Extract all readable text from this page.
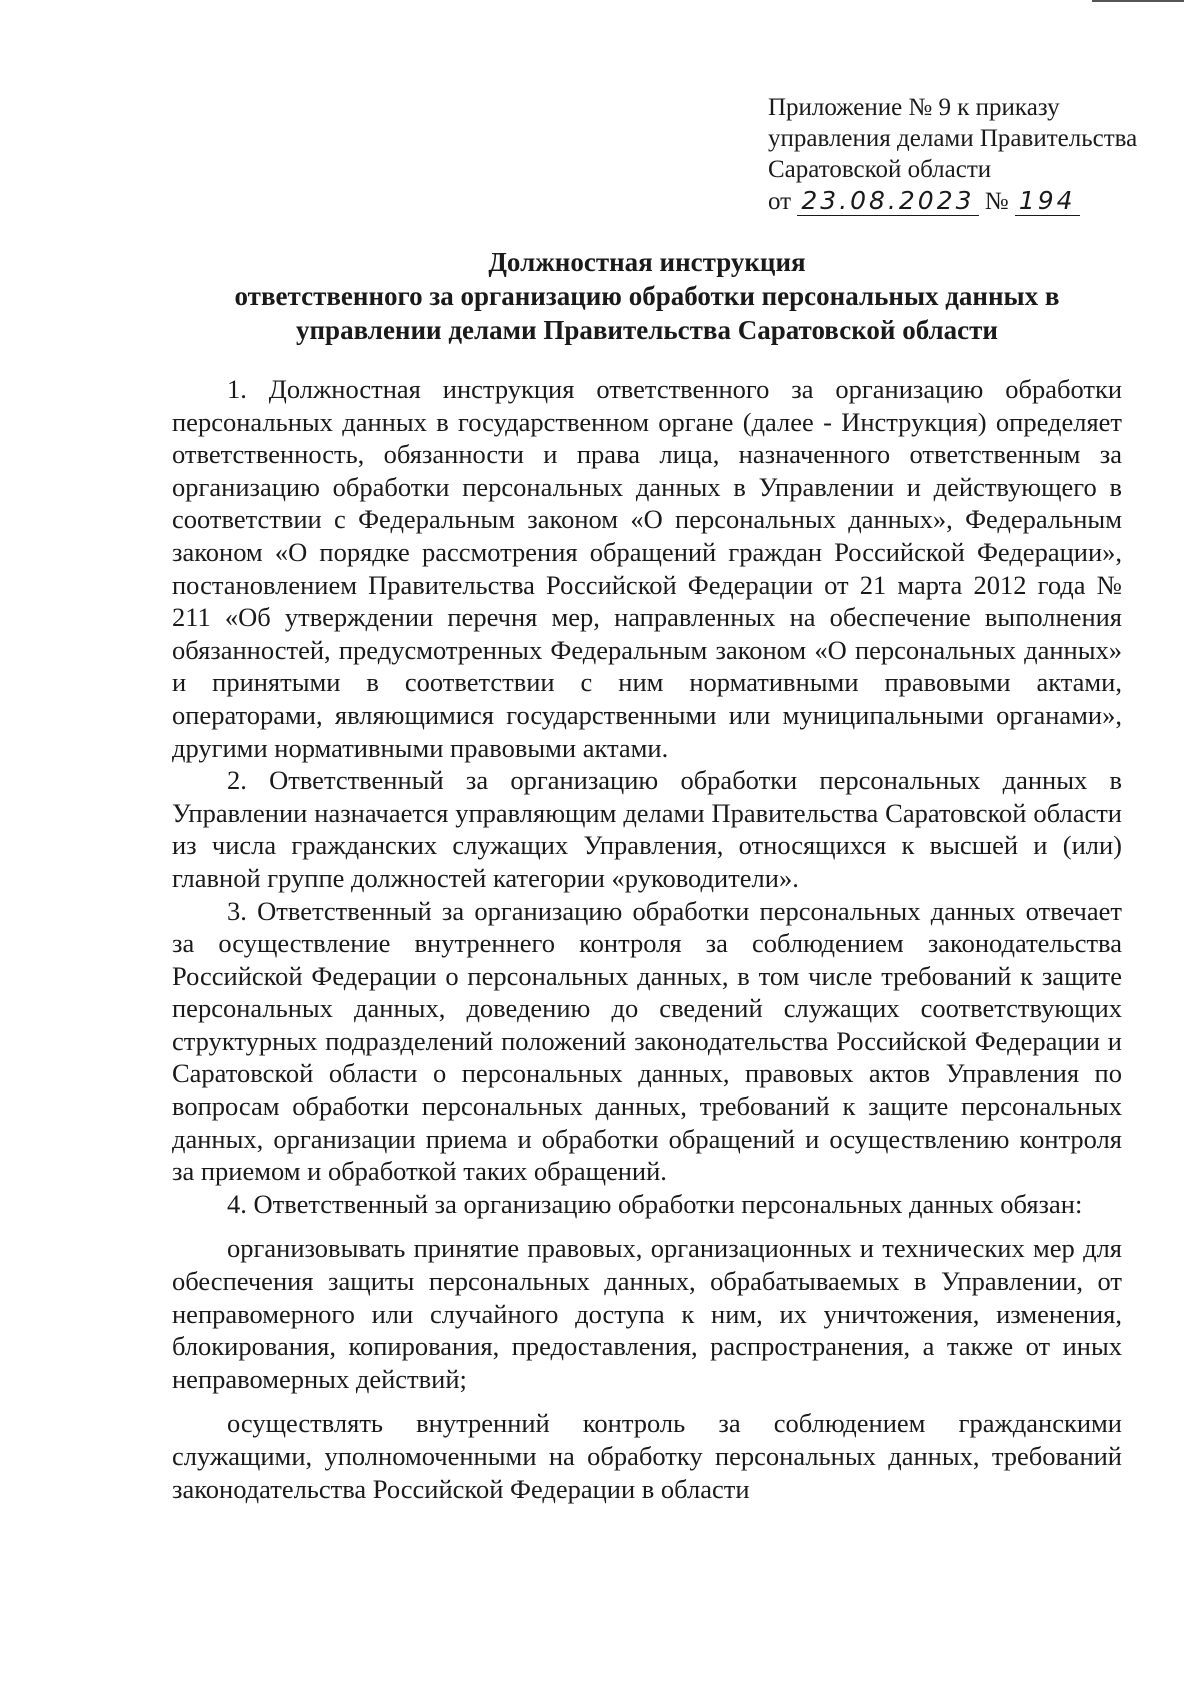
Приложение № 9 к приказу
управления делами Правительства
Саратовской области
от 23.08.2023 № 194
Должностная инструкция
ответственного за организацию обработки персональных данных в
управлении делами Правительства Саратовской области

1. Должностная инструкция ответственного за организацию обработки персональных данных в государственном органе (далее - Инструкция) определяет ответственность, обязанности и права лица, назначенного ответственным за организацию обработки персональных данных в Управлении и действующего в соответствии с Федеральным законом «О персональных данных», Федеральным законом «О порядке рассмотрения обращений граждан Российской Федерации», постановлением Правительства Российской Федерации от 21 марта 2012 года № 211 «Об утверждении перечня мер, направленных на обеспечение выполнения обязанностей, предусмотренных Федеральным законом «О персональных данных» и принятыми в соответствии с ним нормативными правовыми актами, операторами, являющимися государственными или муниципальными органами», другими нормативными правовыми актами.

2. Ответственный за организацию обработки персональных данных в Управлении назначается управляющим делами Правительства Саратовской области из числа гражданских служащих Управления, относящихся к высшей и (или) главной группе должностей категории «руководители».

3. Ответственный за организацию обработки персональных данных отвечает за осуществление внутреннего контроля за соблюдением законодательства Российской Федерации о персональных данных, в том числе требований к защите персональных данных, доведению до сведений служащих соответствующих структурных подразделений положений законодательства Российской Федерации и Саратовской области о персональных данных, правовых актов Управления по вопросам обработки персональных данных, требований к защите персональных данных, организации приема и обработки обращений и осуществлению контроля за приемом и обработкой таких обращений.

4. Ответственный за организацию обработки персональных данных обязан:

организовывать принятие правовых, организационных и технических мер для обеспечения защиты персональных данных, обрабатываемых в Управлении, от неправомерного или случайного доступа к ним, их уничтожения, изменения, блокирования, копирования, предоставления, распространения, а также от иных неправомерных действий;

осуществлять внутренний контроль за соблюдением гражданскими служащими, уполномоченными на обработку персональных данных, требований законодательства Российской Федерации в области
